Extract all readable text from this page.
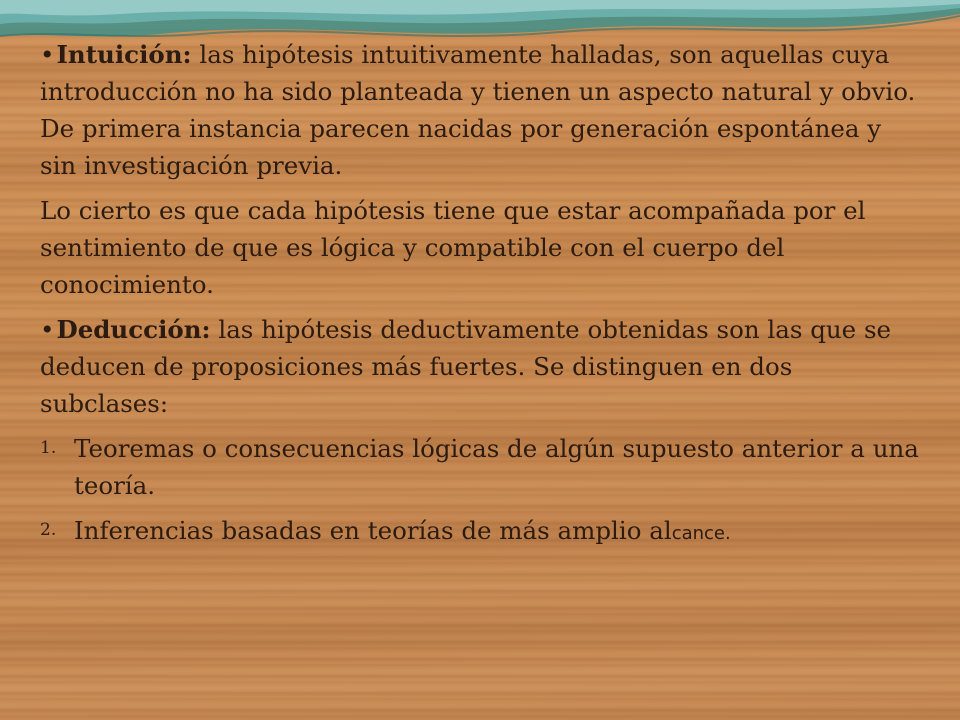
• Intuición: las hipótesis intuitivamente halladas, son aquellas cuya introducción no ha sido planteada y tienen un aspecto natural y obvio. De primera instancia parecen nacidas por generación espontánea y sin investigación previa.

Lo cierto es que cada hipótesis tiene que estar acompañada por el sentimiento de que es lógica y compatible con el cuerpo del conocimiento.

• Deducción: las hipótesis deductivamente obtenidas son las que se deducen de proposiciones más fuertes. Se distinguen en dos subclases:

1. Teoremas o consecuencias lógicas de algún supuesto anterior a una teoría.
2. Inferencias basadas en teorías de más amplio alcance.
